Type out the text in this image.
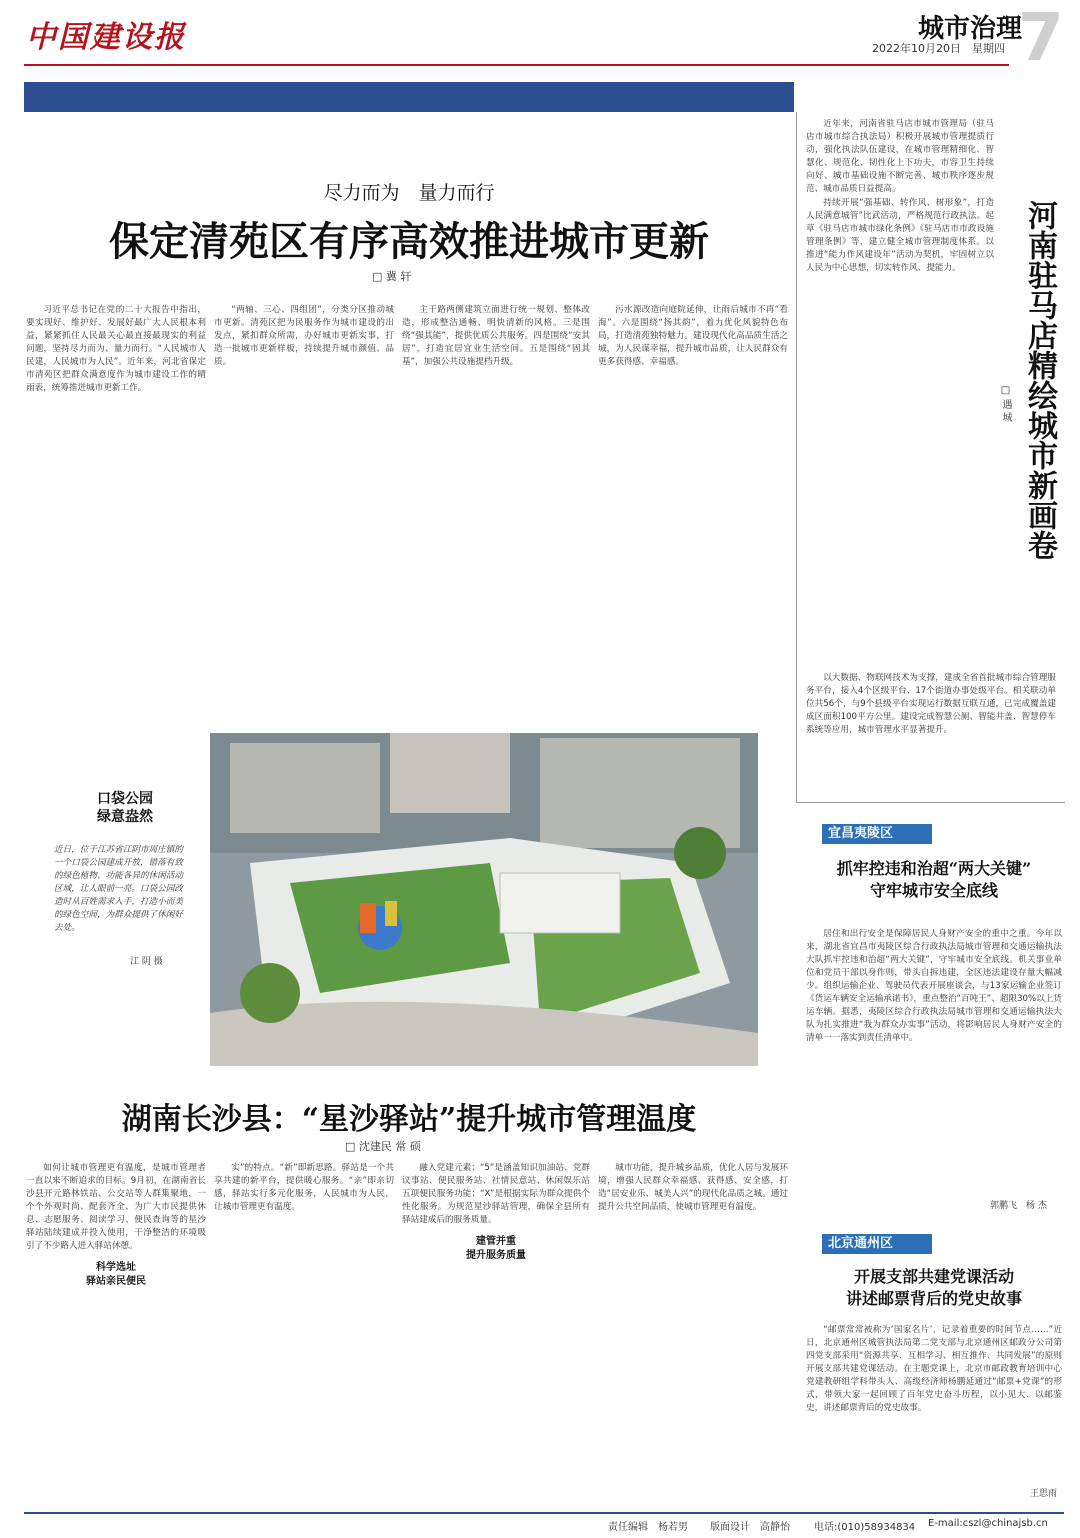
中国建设报	城市治理
2022年10月20日　星期四 7
尽力而为　量力而行
保定清苑区有序高效推进城市更新
□ 冀 轩

习近平总书记在党的二十大报告中指出，要实现好、维护好、发展好最广大人民根本利益，紧紧抓住人民最关心最直接最现实的利益问题，坚持尽力而为、量力而行。“人民城市人民建，人民城市为人民”。近年来，河北省保定市清苑区把群众满意度作为城市建设工作的晴雨表，统筹推进城市更新工作。

“两轴、三心、四组团”，分类分区推动城市更新。清苑区把为民服务作为城市建设的出发点，紧扣群众所需，办好城市更新实事，打造一批城市更新样板，持续提升城市颜值、品质。

主干路两侧建筑立面进行统一规划、整体改造，形成整洁通畅、明快清新的风格。三是围绕“强其能”，提供优质公共服务。四是围绕“安其居”，打造宜居宜业生活空间。五是围绕“固其基”，加强公共设施提档升级。

污水源改造向庭院延伸，让雨后城市不再“看海”。六是围绕“扬其韵”，着力优化风貌特色布局，打造清苑独特魅力。建设现代化高品质生活之城，为人民谋幸福，提升城市品质，让人民群众有更多获得感、幸福感。

口袋公园
绿意盎然
近日，位于江苏省江阴市周庄镇的一个口袋公园建成开放，错落有致的绿色植物、功能各异的休闲活动区域，让人眼前一亮。口袋公园改造时从百姓需求入手，打造小而美的绿色空间，为群众提供了休闲好去处。
江 阴 摄
湖南长沙县：“星沙驿站”提升城市管理温度
□ 沈建民 常 硕

如何让城市管理更有温度，是城市管理者一直以来不断追求的目标。9月初，在湖南省长沙县开元路林铁站、公交站等人群集聚地，一个个外观时尚、配套齐全、为广大市民提供休息、志愿服务、阅读学习、便民查询等的星沙驿站陆续建成并投入使用，干净整洁的环境吸引了不少路人进入驿站休憩。

科学选址
驿站亲民便民

实”的特点。“新”即新思路。驿站是一个共享共建的新平台，提供暖心服务。“亲”即亲切感，驿站实行多元化服务，人民城市为人民，让城市管理更有温度。

融入党建元素；“5”是涵盖知识加油站、党群议事站、便民服务站、社情民意站、休闲娱乐站五项便民服务功能；“X”是根据实际为群众提供个性化服务。为规范星沙驿站管理，确保全县所有驿站建成后的服务质量。

建管并重
提升服务质量

城市功能，提升城乡品质，优化人居与发展环境，增强人民群众幸福感、获得感、安全感，打造“居安业乐、城美人兴”的现代化品质之城。通过提升公共空间品质，使城市管理更有温度。

河南驻马店精绘城市新画卷
□ 遇 城

近年来，河南省驻马店市城市管理局（驻马店市城市综合执法局）积极开展城市管理提质行动，强化执法队伍建设，在城市管理精细化、智慧化、规范化、韧性化上下功夫，市容卫生持续向好、城市基础设施不断完善、城市秩序逐步规范、城市品质日益提高。

持续开展“强基础、转作风、树形象”，打造人民满意城管”比武活动，严格规范行政执法。起草《驻马店市城市绿化条例》《驻马店市市政设施管理条例》等，建立健全城市管理制度体系。以推进“能力作风建设年”活动为契机，牢固树立以人民为中心思想，切实转作风、提能力。

以大数据、物联网技术为支撑，建成全省首批城市综合管理服务平台，接入4个区级平台、17个街道办事处级平台。相关联动单位共56个，与9个县级平台实现运行数据互联互通，已完成覆盖建成区面积100平方公里。建设完成智慧公厕、智能井盖、智慧停车系统等应用，城市管理水平显著提升。

宜昌夷陵区
抓牢控违和治超“两大关键”
守牢城市安全底线

居住和出行安全是保障居民人身财产安全的重中之重。今年以来，湖北省宜昌市夷陵区综合行政执法局城市管理和交通运输执法大队抓牢控违和治超“两大关键”，守牢城市安全底线。机关事业单位和党员干部以身作则，带头自拆违建，全区违法建设存量大幅减少。组织运输企业、驾驶员代表开展座谈会，与13家运输企业签订《货运车辆安全运输承诺书》，重点整治“百吨王”、超限30%以上货运车辆。据悉，夷陵区综合行政执法局城市管理和交通运输执法大队为扎实推进“我为群众办实事”活动，将影响居民人身财产安全的清单一一落实到责任清单中。

郭鹏飞　杨 杰
北京通州区
开展支部共建党课活动
讲述邮票背后的党史故事

“邮票常常被称为‘国家名片’，记录着重要的时间节点……”近日，北京通州区城管执法局第二党支部与北京通州区邮政分公司第四党支部采用“资源共享、互相学习、相互推作、共同发展”的原则开展支部共建党课活动。在主题党课上，北京市邮政教育培训中心党建教研组学科带头人、高级经济师杨鹏延通过“邮票+党课”的形式，带领大家一起回顾了百年党史奋斗历程，以小见大、以邮鉴史，讲述邮票背后的党史故事。

王思雨
责任编辑　杨若男 版面设计　高静怡 电话:(010)58934834 E-mail:cszl@chinajsb.cn
